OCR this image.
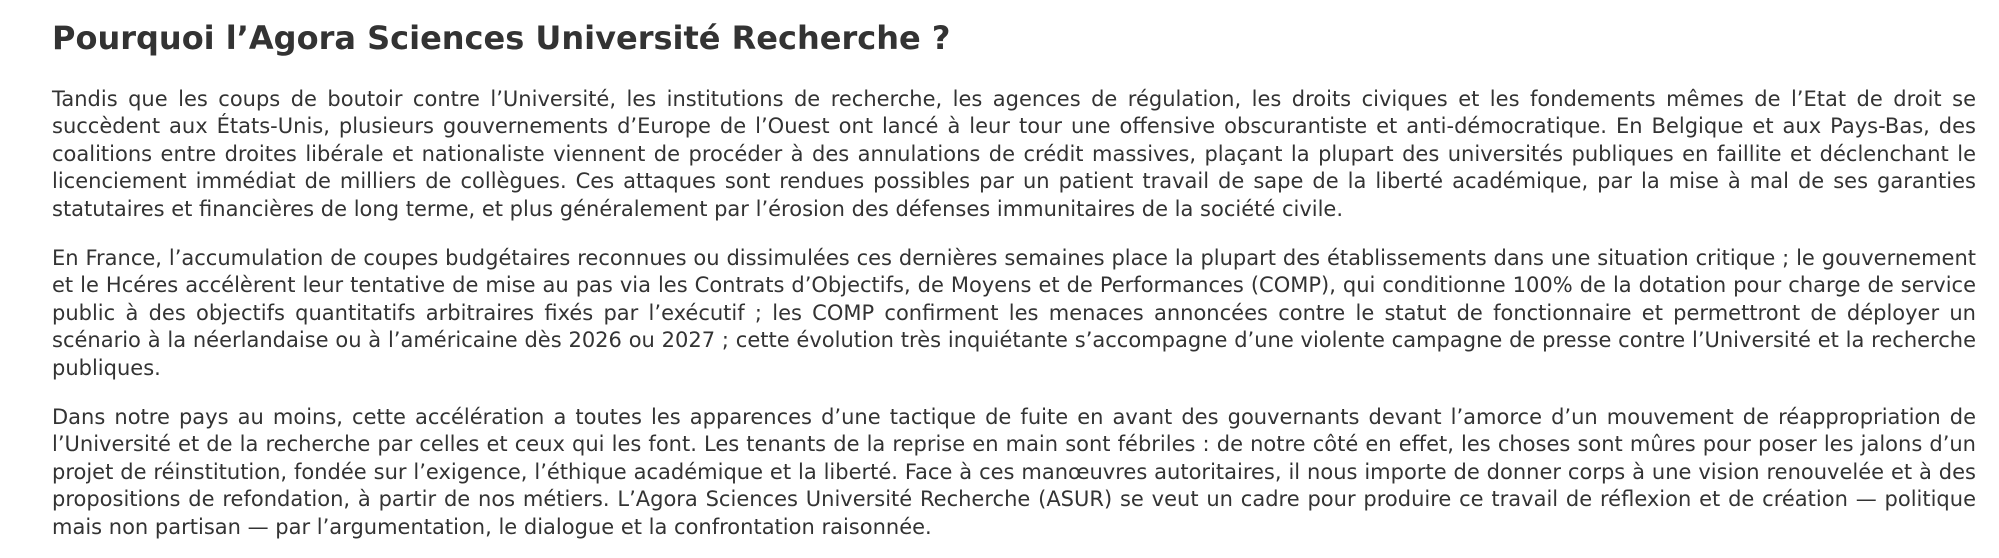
Pourquoi l’Agora Sciences Université Recherche ?

Tandis que les coups de boutoir contre l’Université, les institutions de recherche, les agences de régulation, les droits civiques et les fondements mêmes de l’Etat de droit se succèdent aux États-Unis, plusieurs gouvernements d’Europe de l’Ouest ont lancé à leur tour une offensive obscurantiste et anti-démocratique. En Belgique et aux Pays-Bas, des coalitions entre droites libérale et nationaliste viennent de procéder à des annulations de crédit massives, plaçant la plupart des universités publiques en faillite et déclenchant le licenciement immédiat de milliers de collègues. Ces attaques sont rendues possibles par un patient travail de sape de la liberté académique, par la mise à mal de ses garanties statutaires et financières de long terme, et plus généralement par l’érosion des défenses immunitaires de la société civile.

En France, l’accumulation de coupes budgétaires reconnues ou dissimulées ces dernières semaines place la plupart des établissements dans une situation critique ; le gouvernement et le Hcéres accélèrent leur tentative de mise au pas via les Contrats d’Objectifs, de Moyens et de Performances (COMP), qui conditionne 100% de la dotation pour charge de service public à des objectifs quantitatifs arbitraires fixés par l’exécutif ; les COMP confirment les menaces annoncées contre le statut de fonctionnaire et permettront de déployer un scénario à la néerlandaise ou à l’américaine dès 2026 ou 2027 ; cette évolution très inquiétante s’accompagne d’une violente campagne de presse contre l’Université et la recherche publiques.

Dans notre pays au moins, cette accélération a toutes les apparences d’une tactique de fuite en avant des gouvernants devant l’amorce d’un mouvement de réappropriation de l’Université et de la recherche par celles et ceux qui les font. Les tenants de la reprise en main sont fébriles : de notre côté en effet, les choses sont mûres pour poser les jalons d’un projet de réinstitution, fondée sur l’exigence, l’éthique académique et la liberté. Face à ces manœuvres autoritaires, il nous importe de donner corps à une vision renouvelée et à des propositions de refondation, à partir de nos métiers. L’Agora Sciences Université Recherche (ASUR) se veut un cadre pour produire ce travail de réflexion et de création — politique mais non partisan — par l’argumentation, le dialogue et la confrontation raisonnée.
